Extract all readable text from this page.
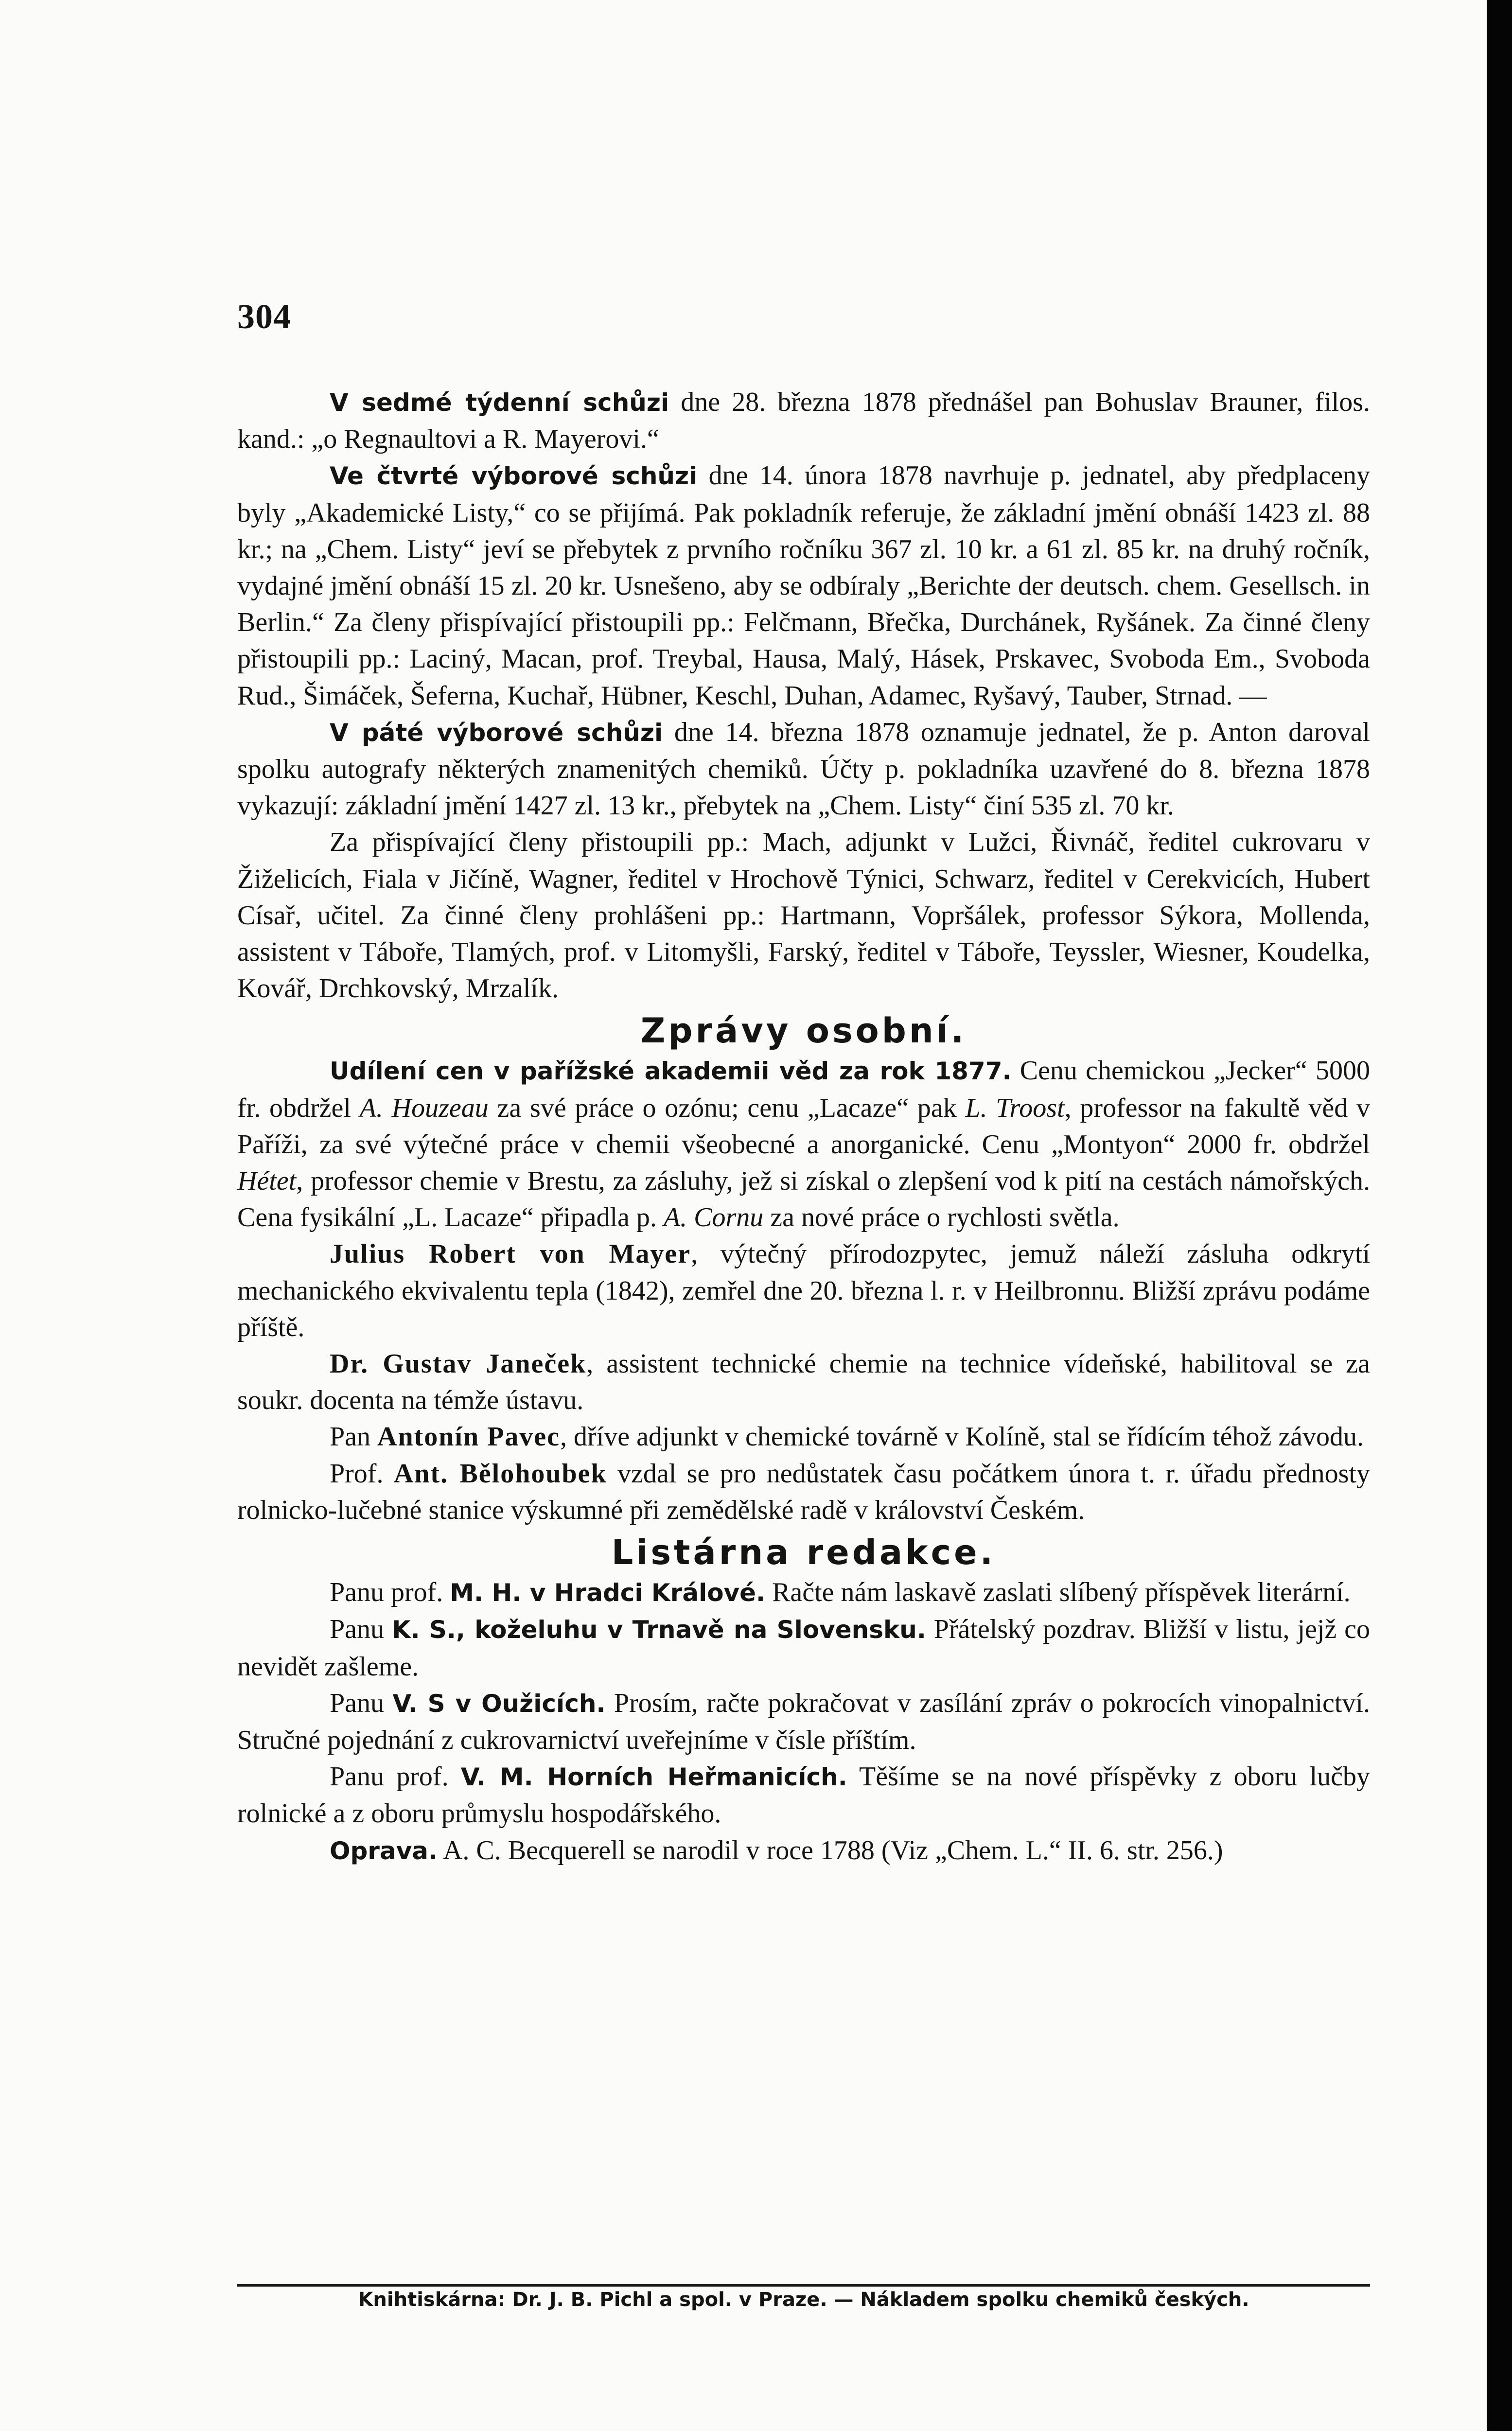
304

V sedmé týdenní schůzi dne 28. března 1878 přednášel pan Bohuslav Brauner, filos. kand.: „o Regnaultovi a R. Mayerovi.“

Ve čtvrté výborové schůzi dne 14. února 1878 navrhuje p. jednatel, aby předplaceny byly „Akademické Listy,“ co se přijímá. Pak pokladník referuje, že základní jmění obnáší 1423 zl. 88 kr.; na „Chem. Listy“ jeví se přebytek z prvního ročníku 367 zl. 10 kr. a 61 zl. 85 kr. na druhý ročník, vydajné jmění obnáší 15 zl. 20 kr. Usnešeno, aby se odbíraly „Berichte der deutsch. chem. Gesellsch. in Berlin.“ Za členy přispívající přistoupili pp.: Felčmann, Břečka, Durchánek, Ryšánek. Za činné členy přistoupili pp.: Laciný, Macan, prof. Treybal, Hausa, Malý, Hásek, Prskavec, Svoboda Em., Svoboda Rud., Šimáček, Šeferna, Kuchař, Hübner, Keschl, Duhan, Adamec, Ryšavý, Tauber, Strnad. —

V páté výborové schůzi dne 14. března 1878 oznamuje jednatel, že p. Anton daroval spolku autografy některých znamenitých chemiků. Účty p. pokladníka uzavřené do 8. března 1878 vykazují: základní jmění 1427 zl. 13 kr., přebytek na „Chem. Listy“ činí 535 zl. 70 kr.

Za přispívající členy přistoupili pp.: Mach, adjunkt v Lužci, Řivnáč, ředitel cukrovaru v Žiželicích, Fiala v Jičíně, Wagner, ředitel v Hrochově Týnici, Schwarz, ředitel v Cerekvicích, Hubert Císař, učitel. Za činné členy prohlášeni pp.: Hartmann, Vopršálek, professor Sýkora, Mollenda, assistent v Táboře, Tlamých, prof. v Litomyšli, Farský, ředitel v Táboře, Teyssler, Wiesner, Koudelka, Kovář, Drchkovský, Mrzalík.

Zprávy osobní.

Udílení cen v pařížské akademii věd za rok 1877. Cenu chemickou „Jecker“ 5000 fr. obdržel A. Houzeau za své práce o ozónu; cenu „Lacaze“ pak L. Troost, professor na fakultě věd v Paříži, za své výtečné práce v chemii všeobecné a anorganické. Cenu „Montyon“ 2000 fr. obdržel Hétet, professor chemie v Brestu, za zásluhy, jež si získal o zlepšení vod k pití na cestách námořských. Cena fysikální „L. Lacaze“ připadla p. A. Cornu za nové práce o rychlosti světla.

Julius Robert von Mayer, výtečný přírodozpytec, jemuž náleží zásluha odkrytí mechanického ekvivalentu tepla (1842), zemřel dne 20. března l. r. v Heilbronnu. Bližší zprávu podáme příště.

Dr. Gustav Janeček, assistent technické chemie na technice vídeňské, habilitoval se za soukr. docenta na témže ústavu.

Pan Antonín Pavec, dříve adjunkt v chemické továrně v Kolíně, stal se řídícím téhož závodu.

Prof. Ant. Bělohoubek vzdal se pro nedůstatek času počátkem února t. r. úřadu přednosty rolnicko-lučebné stanice výskumné při zemědělské radě v království Českém.

Listárna redakce.

Panu prof. M. H. v Hradci Králové. Račte nám laskavě zaslati slíbený příspěvek literární.

Panu K. S., koželuhu v Trnavě na Slovensku. Přátelský pozdrav. Bližší v listu, jejž co nevidět zašleme.

Panu V. S v Oužicích. Prosím, račte pokračovat v zasílání zpráv o pokrocích vinopalnictví. Stručné pojednání z cukrovarnictví uveřejníme v čísle příštím.

Panu prof. V. M. Horních Heřmanicích. Těšíme se na nové příspěvky z oboru lučby rolnické a z oboru průmyslu hospodářského.

Oprava. A. C. Becquerell se narodil v roce 1788 (Viz „Chem. L.“ II. 6. str. 256.)

Knihtiskárna: Dr. J. B. Pichl a spol. v Praze. — Nákladem spolku chemiků českých.
